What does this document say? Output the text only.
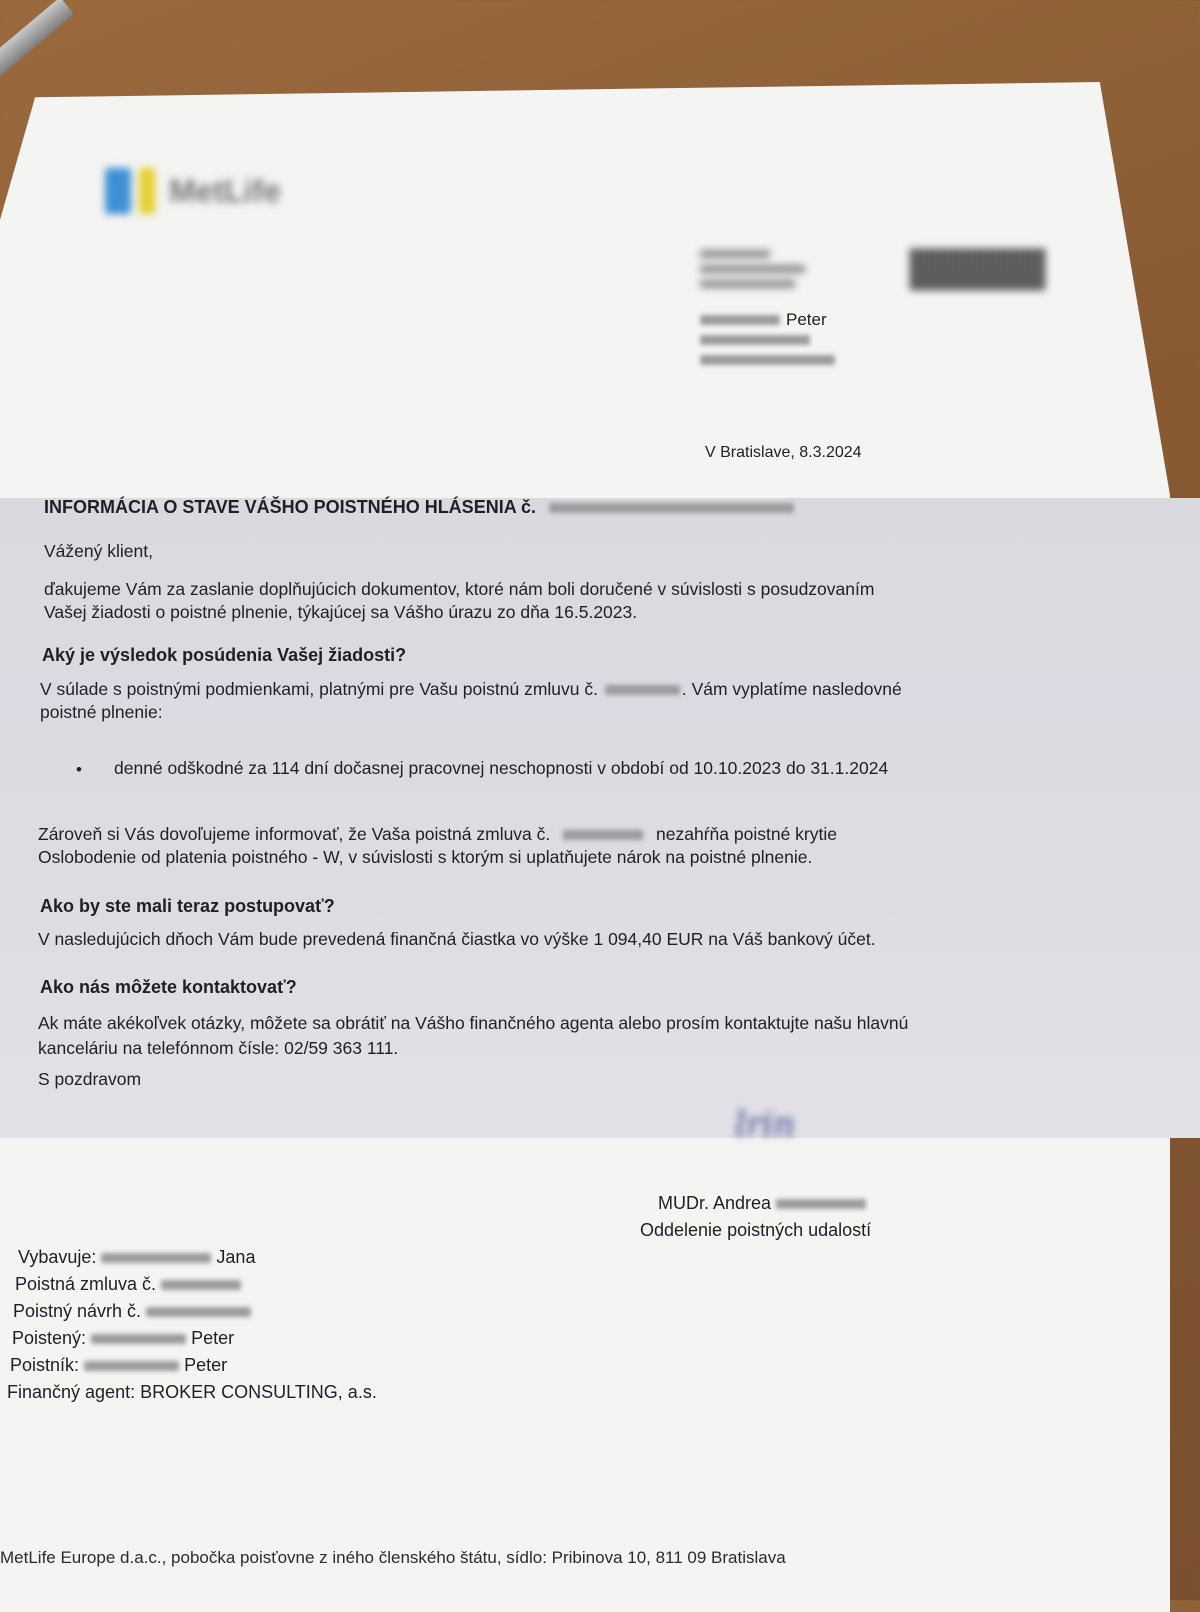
MetLife
Peter
V Bratislave, 8.3.2024
INFORMÁCIA O STAVE VÁŠHO POISTNÉHO HLÁSENIA č.
Vážený klient,
ďakujeme Vám za zaslanie doplňujúcich dokumentov, ktoré nám boli doručené v súvislosti s posudzovaním
Vašej žiadosti o poistné plnenie, týkajúcej sa Vášho úrazu zo dňa 16.5.2023.
Aký je výsledok posúdenia Vašej žiadosti?
V súlade s poistnými podmienkami, platnými pre Vašu poistnú zmluvu č.	. Vám vyplatíme nasledovné
poistné plnenie:
• denné odškodné za 114 dní dočasnej pracovnej neschopnosti v období od 10.10.2023 do 31.1.2024
Zároveň si Vás dovoľujeme informovať, že Vaša poistná zmluva č.	nezahŕňa poistné krytie
Oslobodenie od platenia poistného - W, v súvislosti s ktorým si uplatňujete nárok na poistné plnenie.
Ako by ste mali teraz postupovať?
V nasledujúcich dňoch Vám bude prevedená finančná čiastka vo výške 1 094,40 EUR na Váš bankový účet.
Ako nás môžete kontaktovať?
Ak máte akékoľvek otázky, môžete sa obrátiť na Vášho finančného agenta alebo prosím kontaktujte našu hlavnú
kanceláriu na telefónnom čísle: 02/59 363 111.
S pozdravom
lrin
MUDr. Andrea
Oddelenie poistných udalostí
Vybavuje:	Jana
Poistná zmluva č.
Poistný návrh č.
Poistený:	Peter
Poistník:	Peter
Finančný agent: BROKER CONSULTING, a.s.
MetLife Europe d.a.c., pobočka poisťovne z iného členského štátu, sídlo: Pribinova 10, 811 09 Bratislava
